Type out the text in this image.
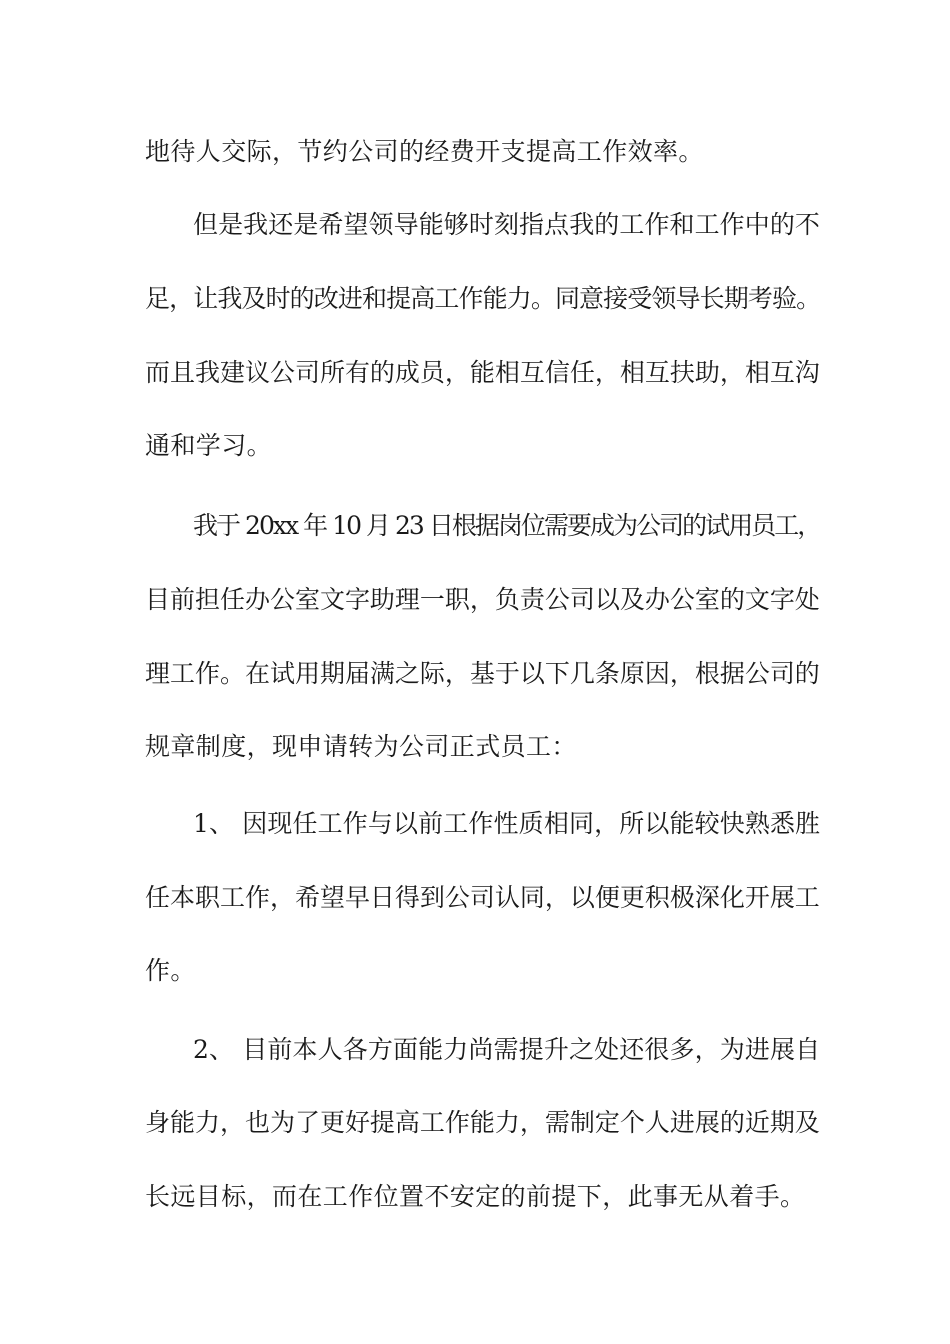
地待人交际，节约公司的经费开支提高工作效率。
但是我还是希望领导能够时刻指点我的工作和工作中的不
足，让我及时的改进和提高工作能力。同意接受领导长期考验。
而且我建议公司所有的成员，能相互信任，相互扶助，相互沟
通和学习。
我于 20xx 年 10 月 23 日根据岗位需要成为公司的试用员工，
目前担任办公室文字助理一职，负责公司以及办公室的文字处
理工作。在试用期届满之际，基于以下几条原因，根据公司的
规章制度，现申请转为公司正式员工：
1、 因现任工作与以前工作性质相同，所以能较快熟悉胜
任本职工作，希望早日得到公司认同，以便更积极深化开展工
作。
2、 目前本人各方面能力尚需提升之处还很多，为进展自
身能力，也为了更好提高工作能力，需制定个人进展的近期及
长远目标，而在工作位置不安定的前提下，此事无从着手。
